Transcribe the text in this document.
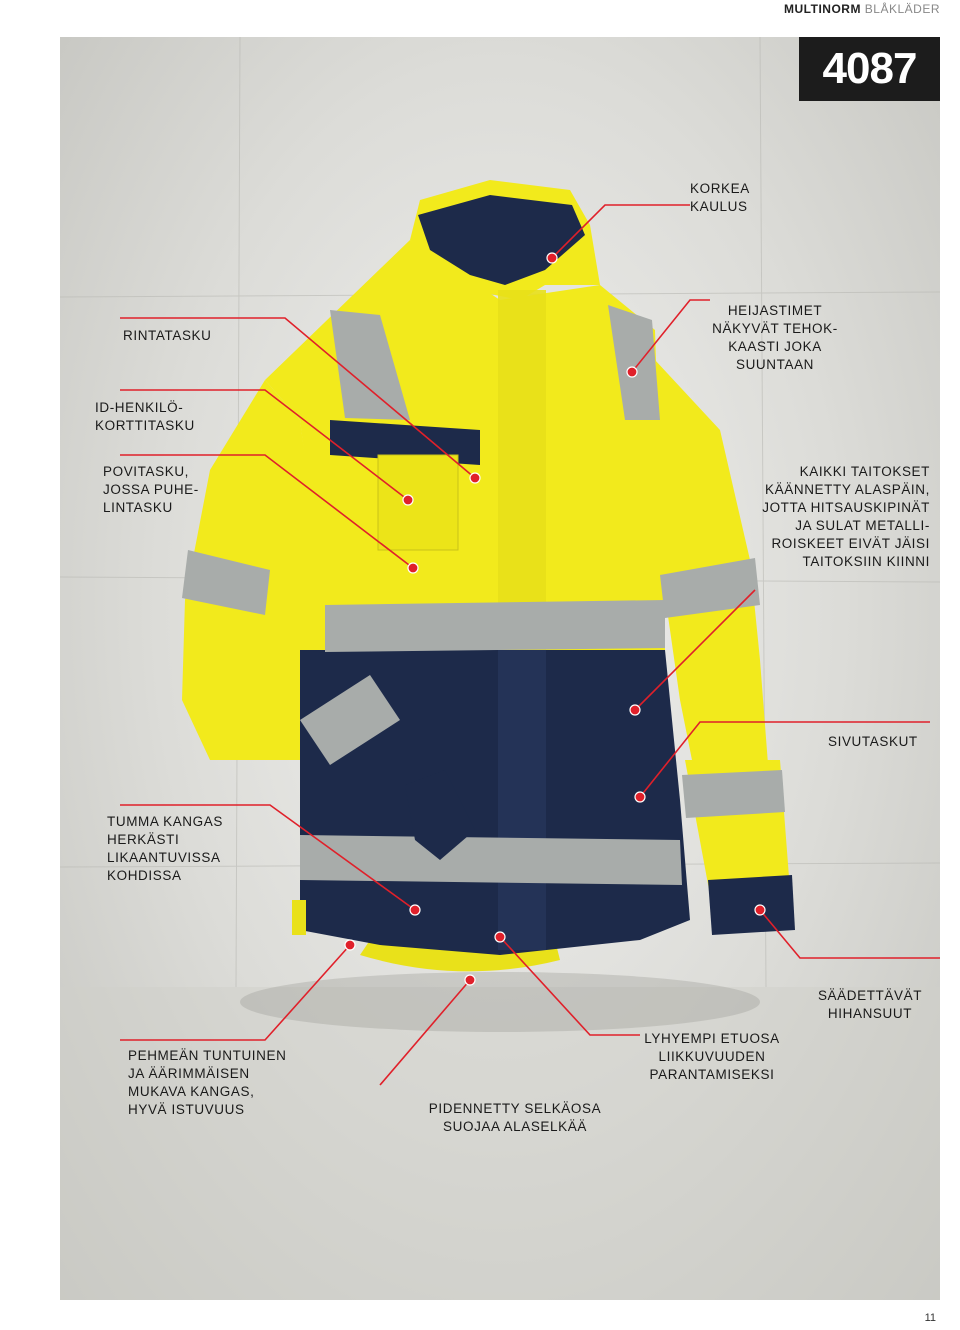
MULTINORM BLÅKLÄDER
4087
KORKEA
KAULUS
RINTATASKU
HEIJASTIMET
NÄKYVÄT TEHOK-
KAASTI JOKA
SUUNTAAN
ID-HENKILÖ-
KORTTITASKU
POVITASKU,
JOSSA PUHE-
LINTASKU
KAIKKI TAITOKSET
KÄÄNNETTY ALASPÄIN,
JOTTA HITSAUSKIPINÄT
JA SULAT METALLI-
ROISKEET EIVÄT JÄISI
TAITOKSIIN KIINNI
SIVUTASKUT
TUMMA KANGAS
HERKÄSTI
LIKAANTUVISSA
KOHDISSA
SÄÄDETTÄVÄT
HIHANSUUT
PEHMEÄN TUNTUINEN
JA ÄÄRIMMÄISEN
MUKAVA KANGAS,
HYVÄ ISTUVUUS
LYHYEMPI ETUOSA
LIIKKUVUUDEN
PARANTAMISEKSI
PIDENNETTY SELKÄOSA
SUOJAA ALASELKÄÄ
11
